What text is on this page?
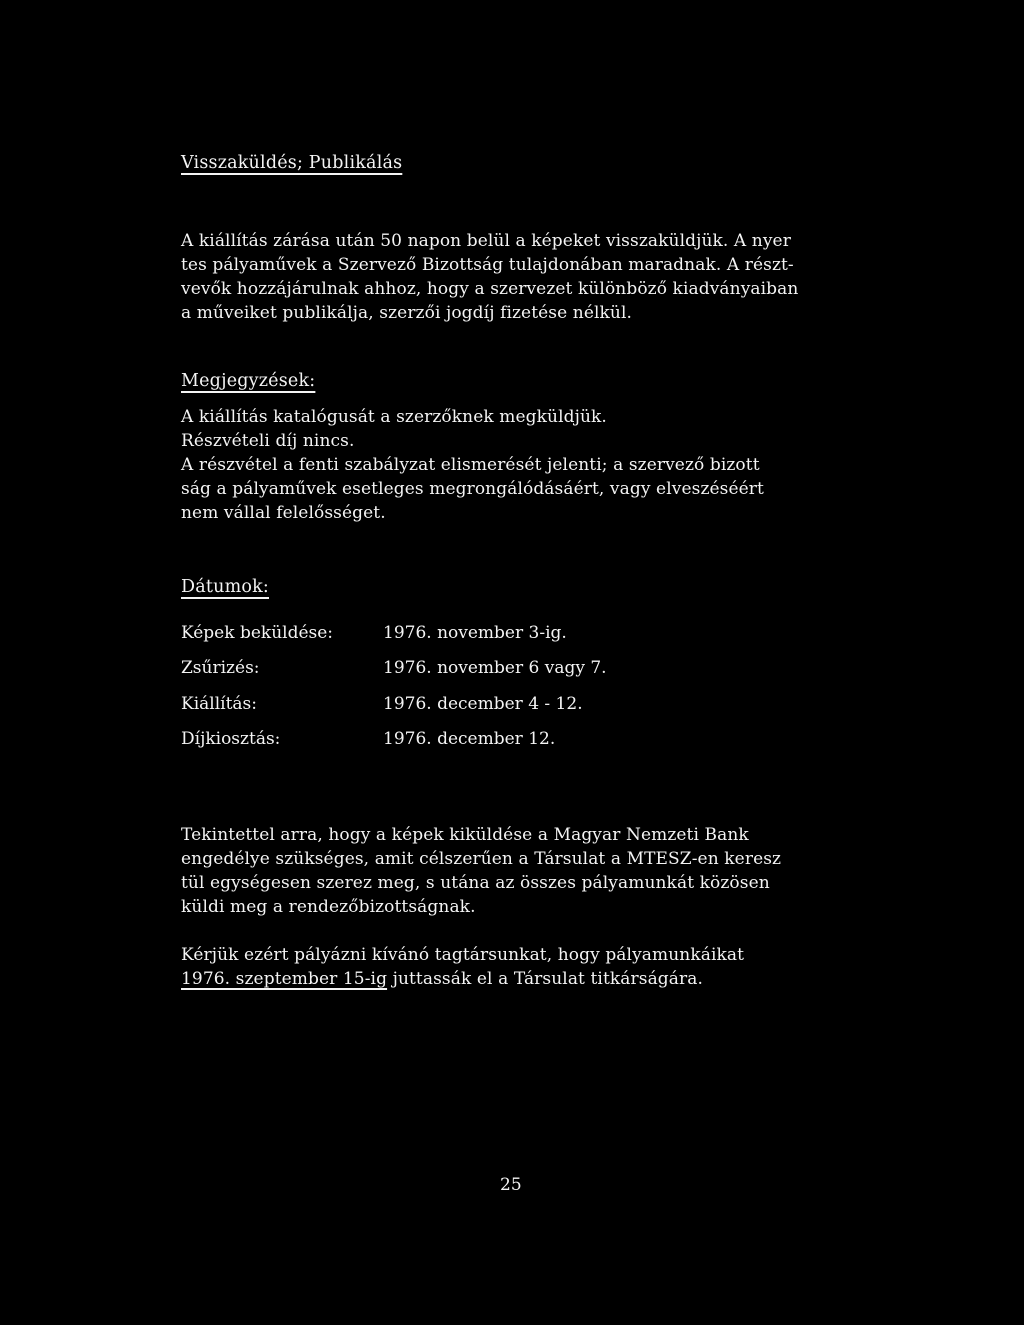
Visszaküldés; Publikálás
A kiállítás zárása után 50 napon belül a képeket visszaküldjük. A nyer
tes pályaművek a Szervező Bizottság tulajdonában maradnak. A részt-
vevők hozzájárulnak ahhoz, hogy a szervezet különböző kiadványaiban
a műveiket publikálja, szerzői jogdíj fizetése nélkül.
Megjegyzések:
A kiállítás katalógusát a szerzőknek megküldjük.
Részvételi díj nincs.
A részvétel a fenti szabályzat elismerését jelenti; a szervező bizott
ság a pályaművek esetleges megrongálódásáért, vagy elveszéséért
nem vállal felelősséget.
Dátumok:
Képek beküldése:	1976. november 3-ig.
Zsűrizés:	1976. november 6 vagy 7.
Kiállítás:	1976. december 4 - 12.
Díjkiosztás:	1976. december 12.
Tekintettel arra, hogy a képek kiküldése a Magyar Nemzeti Bank
engedélye szükséges, amit célszerűen a Társulat a MTESZ-en keresz
tül egységesen szerez meg, s utána az összes pályamunkát közösen
küldi meg a rendezőbizottságnak.
Kérjük ezért pályázni kívánó tagtársunkat, hogy pályamunkáikat
1976. szeptember 15-ig juttassák el a Társulat titkárságára.
25
